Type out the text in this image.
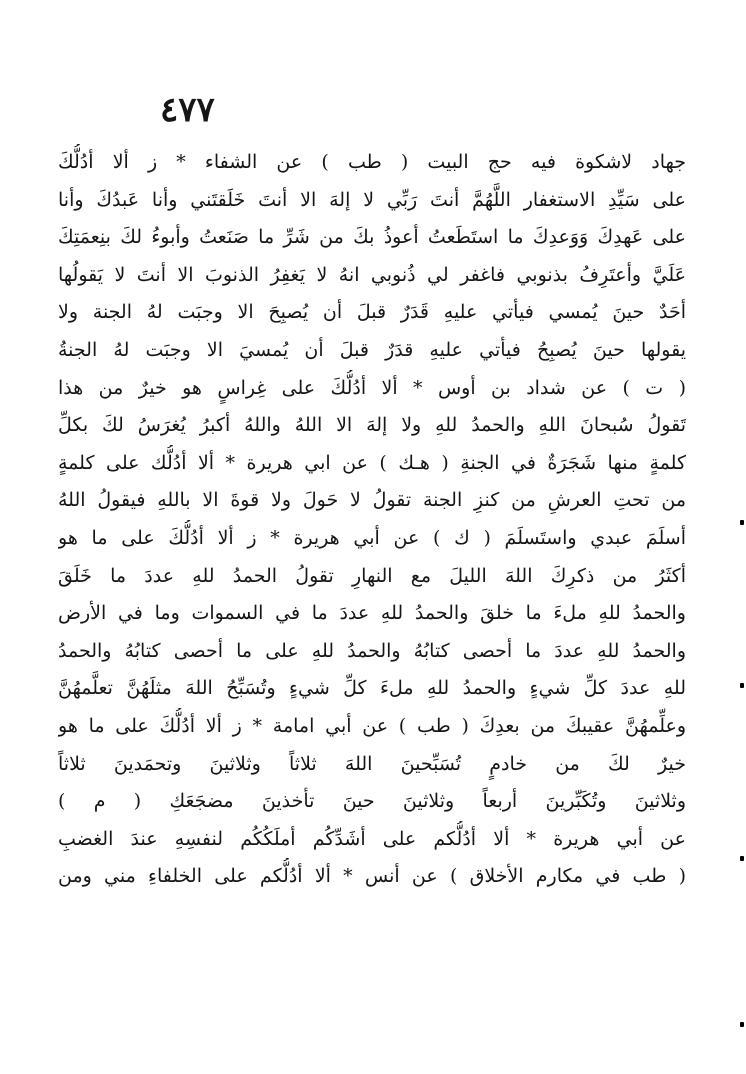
٤٧٧
جهاد لاشكوة فيه حج البيت ( طب ) عن الشفاء * ز ألا أدُلُّكَ
على سَيِّدِ الاستغفار اللَّهُمَّ أنتَ رَبِّي لا إلهَ الا أنتَ خَلَقتَني وأنا عَبدُكَ وأنا
على عَهدِكَ وَوَعدِكَ ما استَطَعتُ أعوذُ بكَ من شَرِّ ما صَنَعتُ وأبوءُ لكَ بنِعمَتِكَ
عَلَيَّ وأعتَرِفُ بذنوبي فاغفر لي ذُنوبي انهُ لا يَغفِرُ الذنوبَ الا أنتَ لا يَقولُها
أحَدٌ حينَ يُمسي فيأتي عليهِ قَدَرٌ قبلَ أن يُصبِحَ الا وجبَت لهُ الجنة ولا
يقولها حينَ يُصبِحُ فيأتي عليهِ قدَرٌ قبلَ أن يُمسيَ الا وجبَت لهُ الجنةُ
( ت ) عن شداد بن أوس * ألا أدُلُّكَ على غِراسٍ هو خيرٌ من هذا
تَقولُ سُبحانَ اللهِ والحمدُ للهِ ولا إلهَ الا اللهُ واللهُ أكبرُ يُغرَسُ لكَ بكلِّ
كلمةٍ منها شَجَرَةٌ في الجنةِ ( هـك ) عن ابي هريرة * ألا أدُلُّك على كلمةٍ
من تحتِ العرشِ من كنزِ الجنة تقولُ لا حَولَ ولا قوةَ الا باللهِ فيقولُ اللهُ
أسلَمَ عبدي واستَسلَمَ ( ك ) عن أبي هريرة * ز ألا أدُلُّكَ على ما هو
أكثَرُ من ذكرِكَ اللهَ الليلَ مع النهارِ تقولُ الحمدُ للهِ عددَ ما خَلَقَ
والحمدُ للهِ ملءَ ما خلقَ والحمدُ للهِ عددَ ما في السموات وما في الأرض
والحمدُ للهِ عددَ ما أحصى كتابُهُ والحمدُ للهِ على ما أحصى كتابُهُ والحمدُ
للهِ عددَ كلِّ شيءٍ والحمدُ للهِ ملءَ كلِّ شيءٍ وتُسَبِّحُ اللهَ مثلَهُنَّ تعلَّمهُنَّ
وعلِّمهُنَّ عقيبكَ من بعدِكَ ( طب ) عن أبي امامة * ز ألا أدُلُّكَ على ما هو
خيرٌ لكَ من خادمٍ تُسَبِّحينَ اللهَ ثلاثاً وثلاثينَ وتحمَدينَ ثلاثاً
وثلاثينَ وتُكَبِّرينَ أربعاً وثلاثينَ حينَ تأخذينَ مضجَعَكِ ( م )
عن أبي هريرة * ألا أدُلُّكم على أشَدِّكُم أملَكُكُم لنفسِهِ عندَ الغضبِ
( طب في مكارم الأخلاق ) عن أنس * ألا أدُلُّكم على الخلفاءِ مني ومن
